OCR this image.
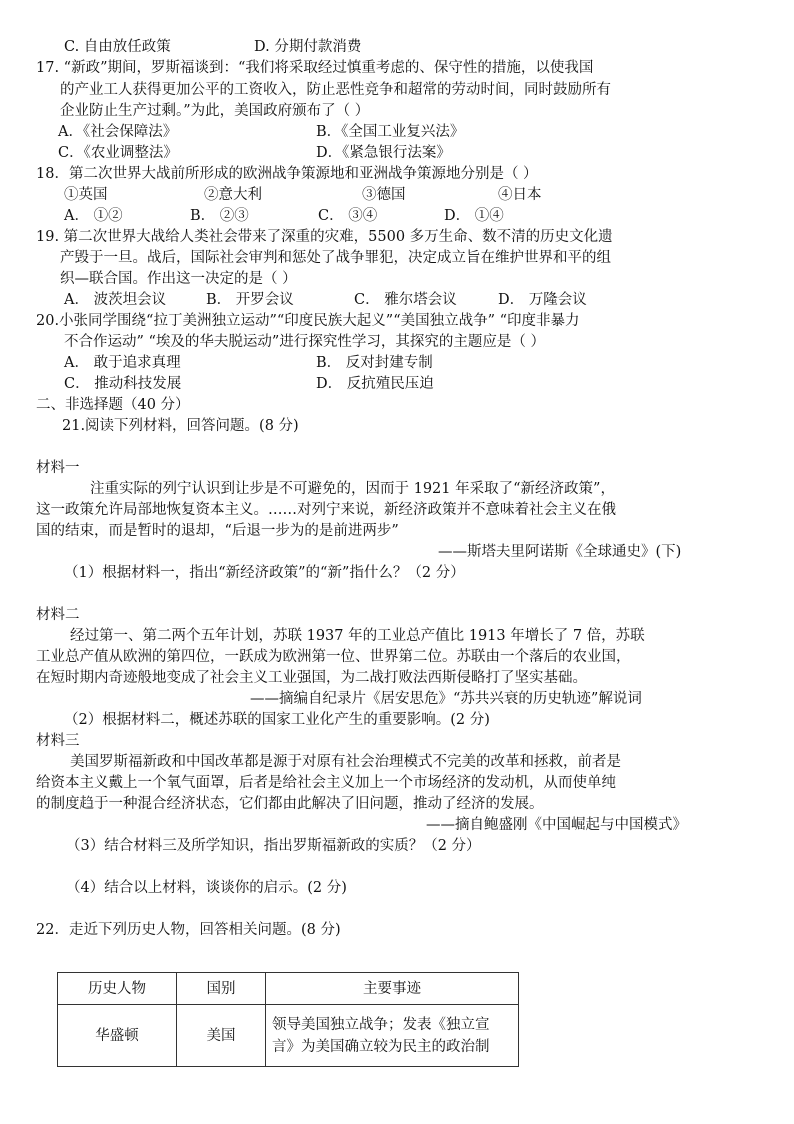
C. 自由放任政策	D. 分期付款消费
17. “新政”期间，罗斯福谈到：“我们将采取经过慎重考虑的、保守性的措施，以使我国
的产业工人获得更加公平的工资收入，防止恶性竞争和超常的劳动时间，同时鼓励所有
企业防止生产过剩。”为此，美国政府颁布了（ ）
A．《社会保障法》	B．《全国工业复兴法》
C．《农业调整法》	D．《紧急银行法案》
18．第二次世界大战前所形成的欧洲战争策源地和亚洲战争策源地分别是（ ）
①英国	②意大利	③德国	④日本
A． ①②	B． ②③	C． ③④	D． ①④
19. 第二次世界大战给人类社会带来了深重的灾难，5500 多万生命、数不清的历史文化遗
产毁于一旦。战后，国际社会审判和惩处了战争罪犯，决定成立旨在维护世界和平的组
织—联合国。作出这一决定的是（ ）
A． 波茨坦会议	B． 开罗会议	C． 雅尔塔会议	D． 万隆会议
20.小张同学围绕“拉丁美洲独立运动”“印度民族大起义”“美国独立战争” “印度非暴力
不合作运动” “埃及的华夫脱运动”进行探究性学习，其探究的主题应是（ ）
A． 敢于追求真理	B． 反对封建专制
C． 推动科技发展	D． 反抗殖民压迫
二、非选择题（40 分）
21.阅读下列材料，回答问题。(8 分)
材料一
注重实际的列宁认识到让步是不可避免的，因而于 1921 年采取了“新经济政策”，
这一政策允许局部地恢复资本主义。……对列宁来说，新经济政策并不意味着社会主义在俄
国的结束，而是暂时的退却，“后退一步为的是前进两步”
——斯塔夫里阿诺斯《全球通史》(下)
（1）根据材料一，指出“新经济政策”的“新”指什么？（2 分）
材料二
经过第一、第二两个五年计划，苏联 1937 年的工业总产值比 1913 年增长了 7 倍，苏联
工业总产值从欧洲的第四位，一跃成为欧洲第一位、世界第二位。苏联由一个落后的农业国，
在短时期内奇迹般地变成了社会主义工业强国，为二战打败法西斯侵略打了坚实基础。
——摘编自纪录片《居安思危》“苏共兴衰的历史轨迹”解说词
（2）根据材料二，概述苏联的国家工业化产生的重要影响。(2 分)
材料三
美国罗斯福新政和中国改革都是源于对原有社会治理模式不完美的改革和拯救，前者是
给资本主义戴上一个氧气面罩，后者是给社会主义加上一个市场经济的发动机，从而使单纯
的制度趋于一种混合经济状态，它们都由此解决了旧问题，推动了经济的发展。
——摘自鲍盛刚《中国崛起与中国模式》
（3）结合材料三及所学知识，指出罗斯福新政的实质？（2 分）
（4）结合以上材料，谈谈你的启示。(2 分)
22．走近下列历史人物，回答相关问题。(8 分)
历史人物	国别	主要事迹
华盛顿	美国	领导美国独立战争；发表《独立宣
言》为美国确立较为民主的政治制
